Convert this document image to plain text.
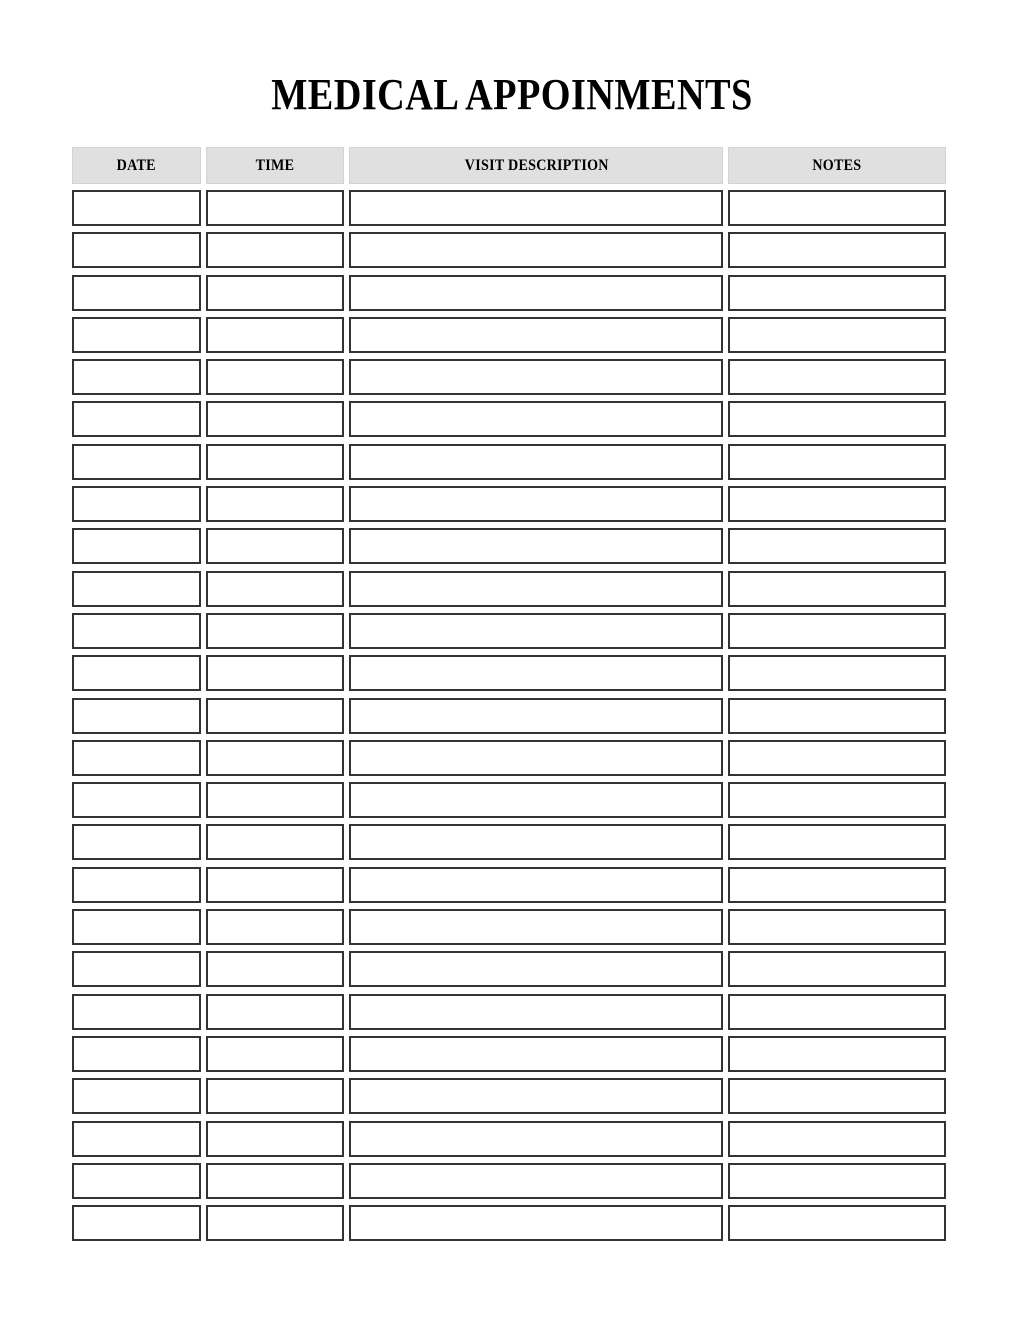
MEDICAL APPOINMENTS
DATE	TIME	VISIT DESCRIPTION	NOTES
